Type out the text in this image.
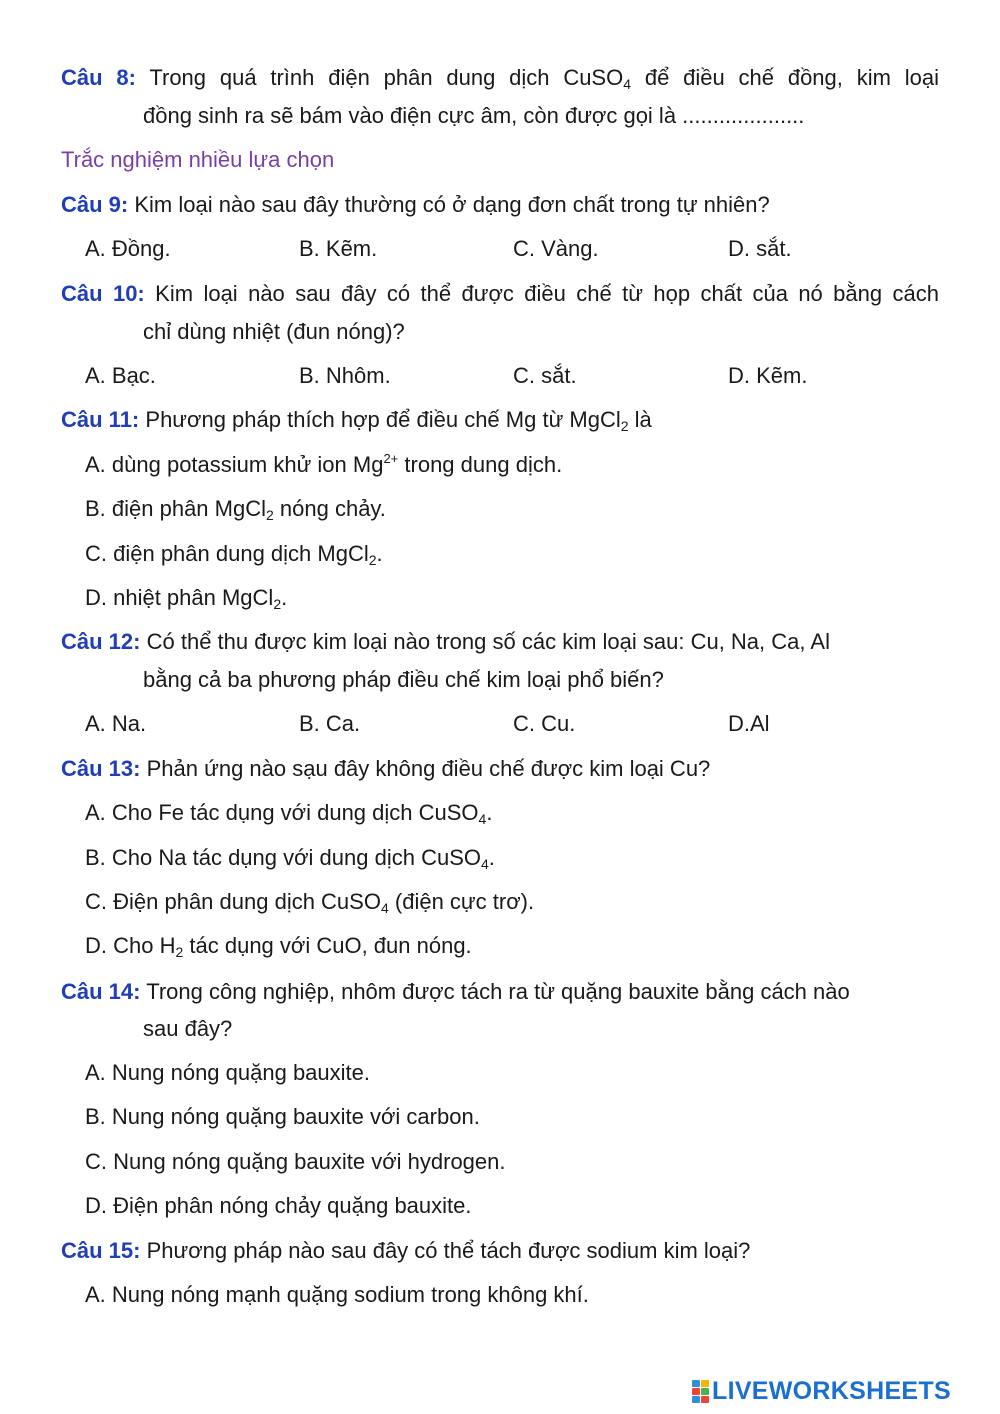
Câu 8: Trong quá trình điện phân dung dịch CuSO$_4$ để điều chế đồng, kim loại
đồng sinh ra sẽ bám vào điện cực âm, còn được gọi là ....................
Trắc nghiệm nhiều lựa chọn
Câu 9: Kim loại nào sau đây thường có ở dạng đơn chất trong tự nhiên?
A. Đồng.	B. Kẽm.	C. Vàng.	D. sắt.
Câu 10: Kim loại nào sau đây có thể được điều chế từ họp chất của nó bằng cách
chỉ dùng nhiệt (đun nóng)?
A. Bạc.	B. Nhôm.	C. sắt.	D. Kẽm.
Câu 11: Phương pháp thích hợp để điều chế Mg từ MgCl$_2$ là
A. dùng potassium khử ion $Mg^{2+}$ trong dung dịch.
B. điện phân MgCl$_2$ nóng chảy.
C. điện phân dung dịch MgCl$_2$.
D. nhiệt phân MgCl$_2$.
Câu 12: Có thể thu được kim loại nào trong số các kim loại sau: Cu, Na, Ca, Al
bằng cả ba phương pháp điều chế kim loại phổ biến?
A. Na.	B. Ca.	C. Cu.	D.Al
Câu 13: Phản ứng nào sạu đây không điều chế được kim loại Cu?
A. Cho Fe tác dụng với dung dịch CuSO$_4$.
B. Cho Na tác dụng với dung dịch CuSO$_4$.
C. Điện phân dung dịch CuSO$_4$ (điện cực trơ).
D. Cho $H_2$ tác dụng với CuO, đun nóng.
Câu 14: Trong công nghiệp, nhôm được tách ra từ quặng bauxite bằng cách nào
sau đây?
A. Nung nóng quặng bauxite.
B. Nung nóng quặng bauxite với carbon.
C. Nung nóng quặng bauxite với hydrogen.
D. Điện phân nóng chảy quặng bauxite.
Câu 15: Phương pháp nào sau đây có thể tách được sodium kim loại?
A. Nung nóng mạnh quặng sodium trong không khí.
LIVEWORKSHEETS
